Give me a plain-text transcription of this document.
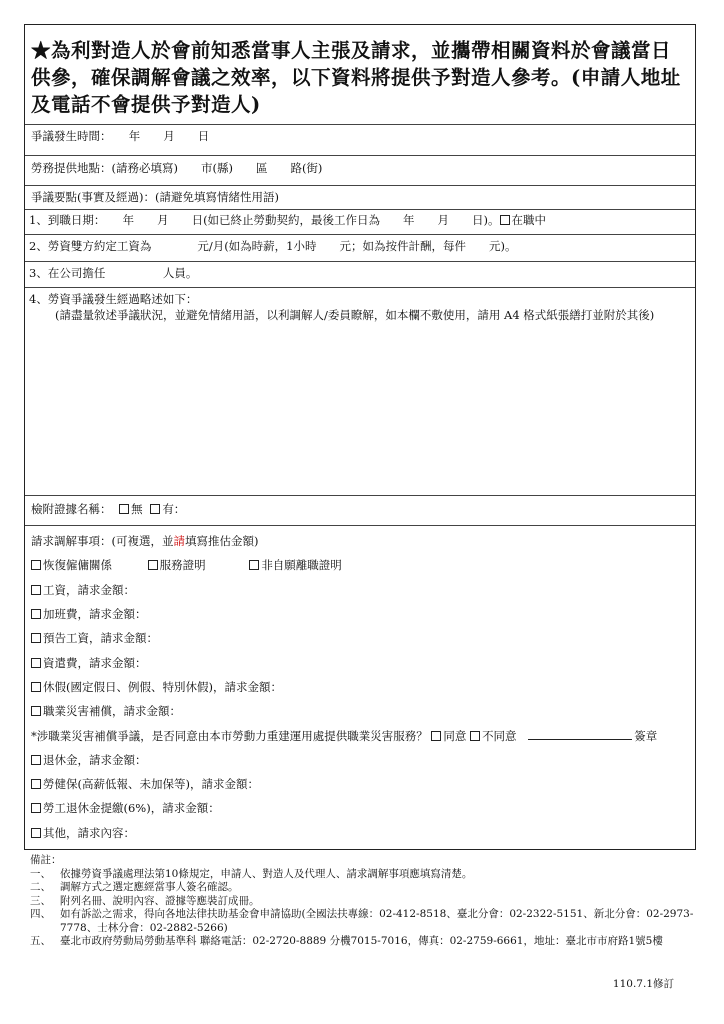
★為利對造人於會前知悉當事人主張及請求，並攜帶相關資料於會議當日供參，確保調解會議之效率，以下資料將提供予對造人參考。(申請人地址及電話不會提供予對造人)
爭議發生時間：　　年　　月　　日
勞務提供地點：(請務必填寫)　　市(縣)　　區　　路(街)
爭議要點(事實及經過)：(請避免填寫情緒性用語)
1、到職日期：　　年　　月　　日(如已終止勞動契約，最後工作日為　　年　　月　　日)。 在職中
2、勞資雙方約定工資為　　　　元/月(如為時薪，1小時　　元；如為按件計酬，每件　　元)。
3、在公司擔任　　　　　人員。
4、勞資爭議發生經過略述如下：
(請盡量敘述爭議狀況，並避免情緒用語，以利調解人/委員瞭解，如本欄不敷使用，請用 A4 格式紙張繕打並附於其後)
檢附證據名稱： 無 有：
請求調解事項：(可複選，並請填寫推估金額)
恢復僱傭關係	服務證明	非自願離職證明
工資，請求金額：
加班費，請求金額：
預告工資，請求金額：
資遣費，請求金額：
休假(國定假日、例假、特別休假)，請求金額：
職業災害補償，請求金額：
*涉職業災害補償爭議，是否同意由本市勞動力重建運用處提供職業災害服務？ 同意 不同意	簽章
退休金，請求金額：
勞健保(高薪低報、未加保等)，請求金額：
勞工退休金提繳(6%)，請求金額：
其他，請求內容：
備註：
一、 依據勞資爭議處理法第10條規定，申請人、對造人及代理人、請求調解事項應填寫清楚。
二、 調解方式之選定應經當事人簽名確認。
三、 附列名冊、說明內容、證據等應裝訂成冊。
四、 如有訴訟之需求，得向各地法律扶助基金會申請協助(全國法扶專線：02-412-8518、臺北分會：02-2322-5151、新北分會：02-2973-7778、士林分會：02-2882-5266)
五、 臺北市政府勞動局勞動基準科 聯絡電話：02-2720-8889 分機7015-7016，傳真：02-2759-6661，地址：臺北市市府路1號5樓
110.7.1修訂
